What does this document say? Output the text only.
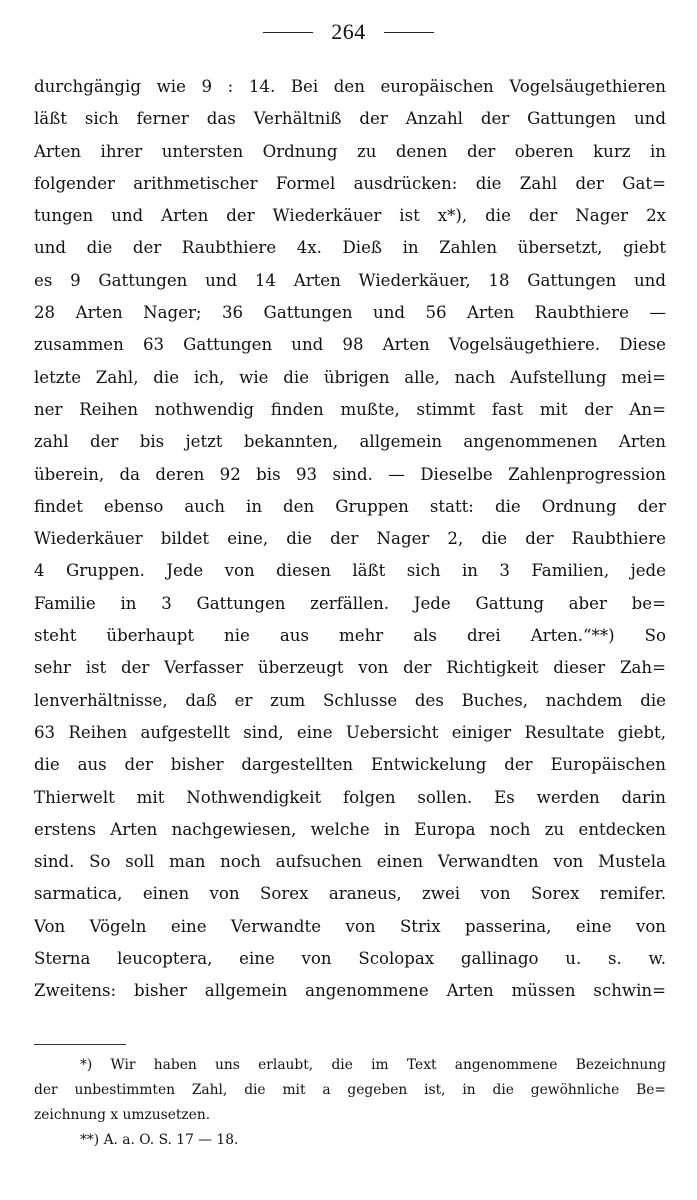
264
durchgängig wie 9 : 14. Bei den europäischen Vogelsäugethieren
läßt sich ferner das Verhältniß der Anzahl der Gattungen und
Arten ihrer untersten Ordnung zu denen der oberen kurz in
folgender arithmetischer Formel ausdrücken: die Zahl der Gat=
tungen und Arten der Wiederkäuer ist x*), die der Nager 2x
und die der Raubthiere 4x. Dieß in Zahlen übersetzt, giebt
es 9 Gattungen und 14 Arten Wiederkäuer, 18 Gattungen und
28 Arten Nager; 36 Gattungen und 56 Arten Raubthiere —
zusammen 63 Gattungen und 98 Arten Vogelsäugethiere. Diese
letzte Zahl, die ich, wie die übrigen alle, nach Aufstellung mei=
ner Reihen nothwendig finden mußte, stimmt fast mit der An=
zahl der bis jetzt bekannten, allgemein angenommenen Arten
überein, da deren 92 bis 93 sind. — Dieselbe Zahlenprogression
findet ebenso auch in den Gruppen statt: die Ordnung der
Wiederkäuer bildet eine, die der Nager 2, die der Raubthiere
4 Gruppen. Jede von diesen läßt sich in 3 Familien, jede
Familie in 3 Gattungen zerfällen. Jede Gattung aber be=
steht überhaupt nie aus mehr als drei Arten.“**) So
sehr ist der Verfasser überzeugt von der Richtigkeit dieser Zah=
lenverhältnisse, daß er zum Schlusse des Buches, nachdem die
63 Reihen aufgestellt sind, eine Uebersicht einiger Resultate giebt,
die aus der bisher dargestellten Entwickelung der Europäischen
Thierwelt mit Nothwendigkeit folgen sollen. Es werden darin
erstens Arten nachgewiesen, welche in Europa noch zu entdecken
sind. So soll man noch aufsuchen einen Verwandten von Mustela
sarmatica, einen von Sorex araneus, zwei von Sorex remifer.
Von Vögeln eine Verwandte von Strix passerina, eine von
Sterna leucoptera, eine von Scolopax gallinago u. s. w.
Zweitens: bisher allgemein angenommene Arten müssen schwin=
*) Wir haben uns erlaubt, die im Text angenommene Bezeichnung
der unbestimmten Zahl, die mit a gegeben ist, in die gewöhnliche Be=
zeichnung x umzusetzen.
**) A. a. O. S. 17 — 18.
